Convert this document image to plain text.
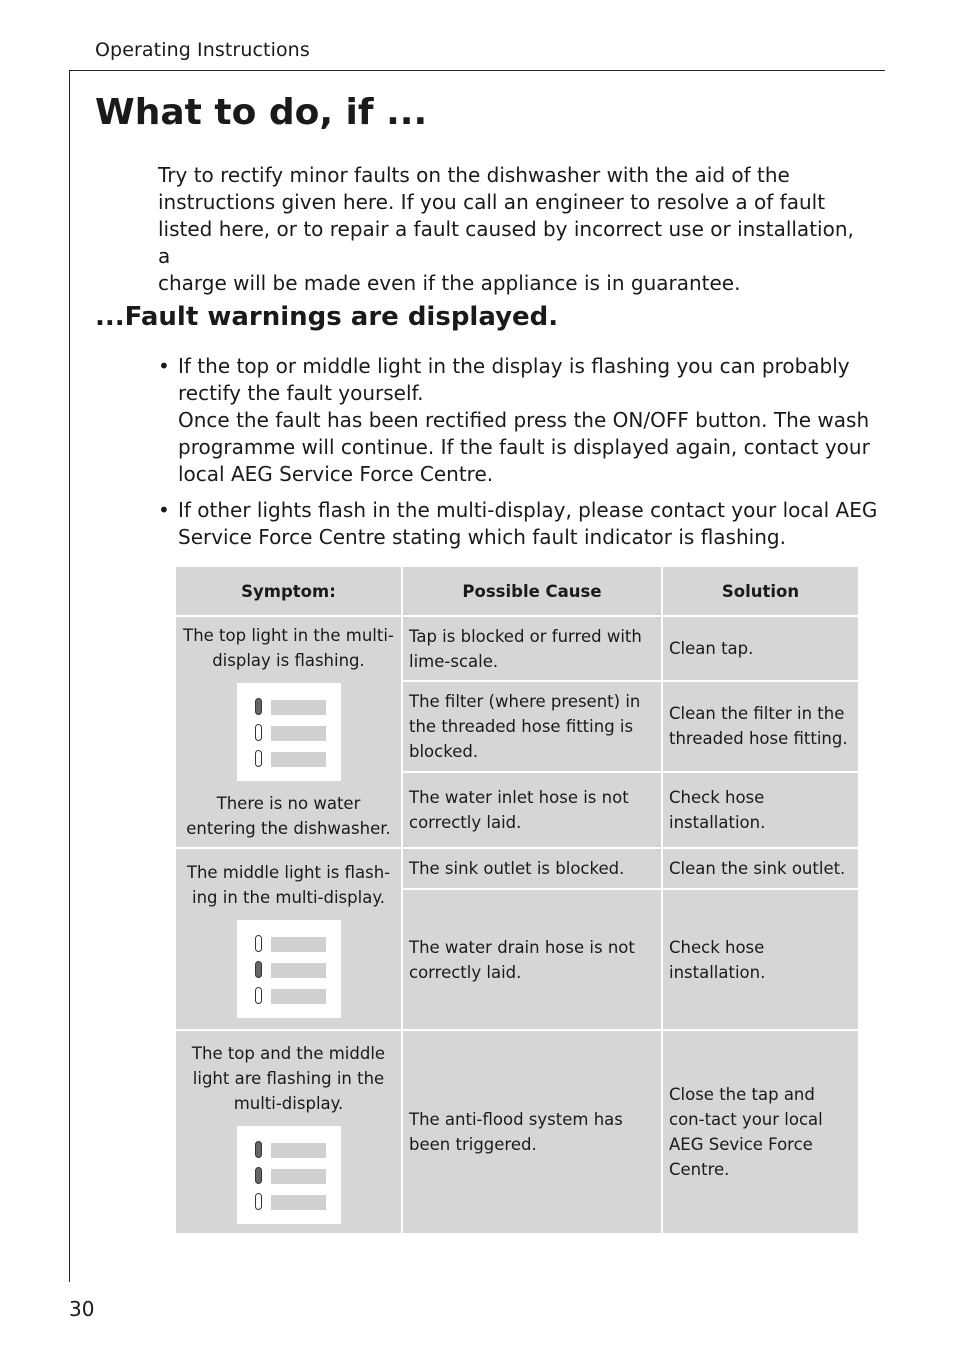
Operating Instructions
What to do, if ...

Try to rectify minor faults on the dishwasher with the aid of the
instructions given here. If you call an engineer to resolve a of fault
listed here, or to repair a fault caused by incorrect use or installation, a
charge will be made even if the appliance is in guarantee.

...Fault warnings are displayed.
• If the top or middle light in the display is flashing you can probably rectify the fault yourself.
Once the fault has been rectified press the ON/OFF button. The wash programme will continue. If the fault is displayed again, contact your local AEG Service Force Centre.
• If other lights flash in the multi-display, please contact your local AEG Service Force Centre stating which fault indicator is flashing.
Symptom:	Possible Cause	Solution

The top light in the multi-display is flashing.
There is no water entering the dishwasher.	Tap is blocked or furred with lime-scale.	Clean tap.
	The filter (where present) in the threaded hose fitting is blocked.	Clean the filter in the threaded hose fitting.
	The water inlet hose is not correctly laid.	Check hose installation.

The middle light is flash-ing in the multi-display.	The sink outlet is blocked.	Clean the sink outlet.
	The water drain hose is not correctly laid.	Check hose installation.

The top and the middle light are flashing in the multi-display.	The anti-flood system has been triggered.	Close the tap and con-tact your local AEG Sevice Force Centre.
30
